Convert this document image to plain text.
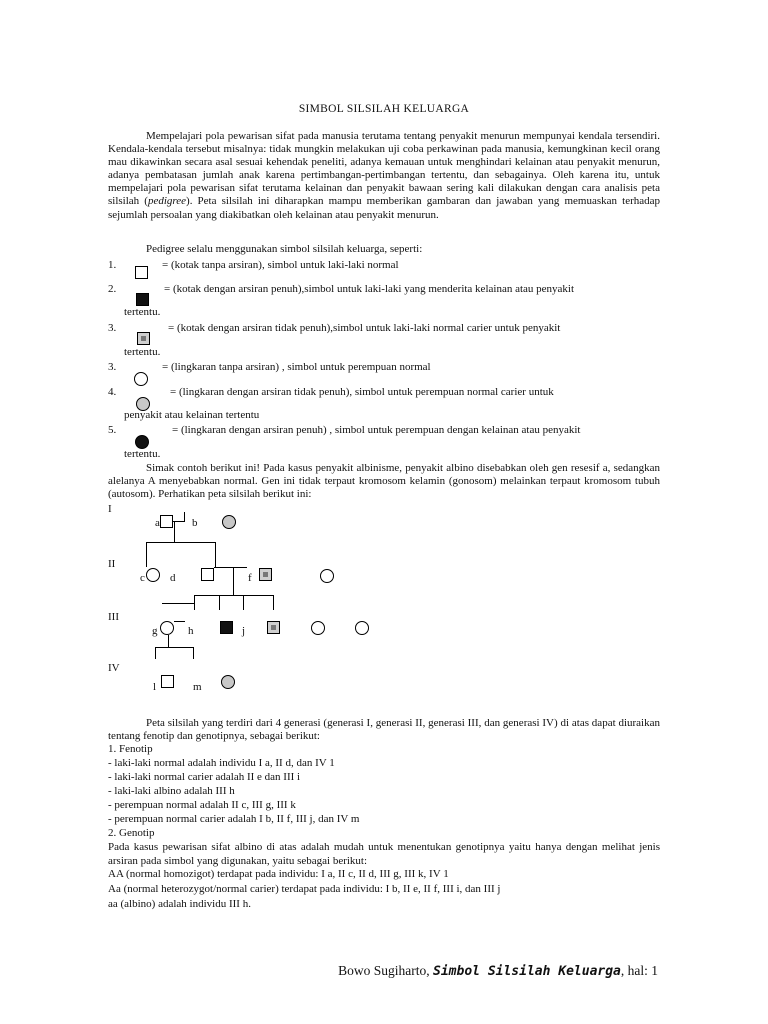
SIMBOL SILSILAH KELUARGA
Mempelajari pola pewarisan sifat pada manusia terutama tentang penyakit menurun mempunyai kendala tersendiri. Kendala-kendala tersebut misalnya: tidak mungkin melakukan uji coba perkawinan pada manusia, kemungkinan kecil orang mau dikawinkan secara asal sesuai kehendak peneliti, adanya kemauan untuk menghindari kelainan atau penyakit menurun, adanya pembatasan jumlah anak karena pertimbangan-pertimbangan tertentu, dan sebagainya. Oleh karena itu, untuk mempelajari pola pewarisan sifat terutama kelainan dan penyakit bawaan sering kali dilakukan dengan cara analisis peta silsilah (pedigree). Peta silsilah ini diharapkan mampu memberikan gambaran dan jawaban yang memuaskan terhadap sejumlah persoalan yang diakibatkan oleh kelainan atau penyakit menurun.
Pedigree selalu menggunakan simbol silsilah keluarga, seperti:
1.	= (kotak tanpa arsiran), simbol untuk laki-laki normal
2.	= (kotak dengan arsiran penuh),simbol untuk laki-laki yang menderita kelainan atau penyakit
tertentu.
3.	= (kotak dengan arsiran tidak penuh),simbol untuk laki-laki normal carier untuk penyakit
tertentu.
3.	= (lingkaran tanpa arsiran) , simbol untuk perempuan normal
4.	= (lingkaran dengan arsiran tidak penuh), simbol untuk perempuan normal carier untuk
penyakit atau kelainan tertentu
5.	= (lingkaran dengan arsiran penuh) , simbol untuk perempuan dengan kelainan atau penyakit
tertentu.
Simak contoh berikut ini! Pada kasus penyakit albinisme, penyakit albino disebabkan oleh gen resesif a, sedangkan alelanya A menyebabkan normal. Gen ini tidak terpaut kromosom kelamin (gonosom) melainkan terpaut kromosom tubuh (autosom). Perhatikan peta silsilah berikut ini:
I
II
III
IV
a	b
c d	f
g	h	j
l	m
Peta silsilah yang terdiri dari 4 generasi (generasi I, generasi II, generasi III, dan generasi IV) di atas dapat diuraikan tentang fenotip dan genotipnya, sebagai berikut:
1. Fenotip
- laki-laki normal adalah individu I a, II d, dan IV 1
- laki-laki normal carier adalah II e dan III i
- laki-laki albino adalah III h
- perempuan normal adalah II c, III g, III k
- perempuan normal carier adalah I b, II f, III j, dan IV m
2. Genotip
Pada kasus pewarisan sifat albino di atas adalah mudah untuk menentukan genotipnya yaitu hanya dengan melihat jenis arsiran pada simbol yang digunakan, yaitu sebagai berikut:
AA (normal homozigot) terdapat pada individu: I a, II c, II d, III g, III k, IV 1
Aa (normal heterozygot/normal carier) terdapat pada individu: I b, II e, II f, III i, dan III j
aa (albino) adalah individu III h.
Bowo Sugiharto, Simbol Silsilah Keluarga, hal: 1
